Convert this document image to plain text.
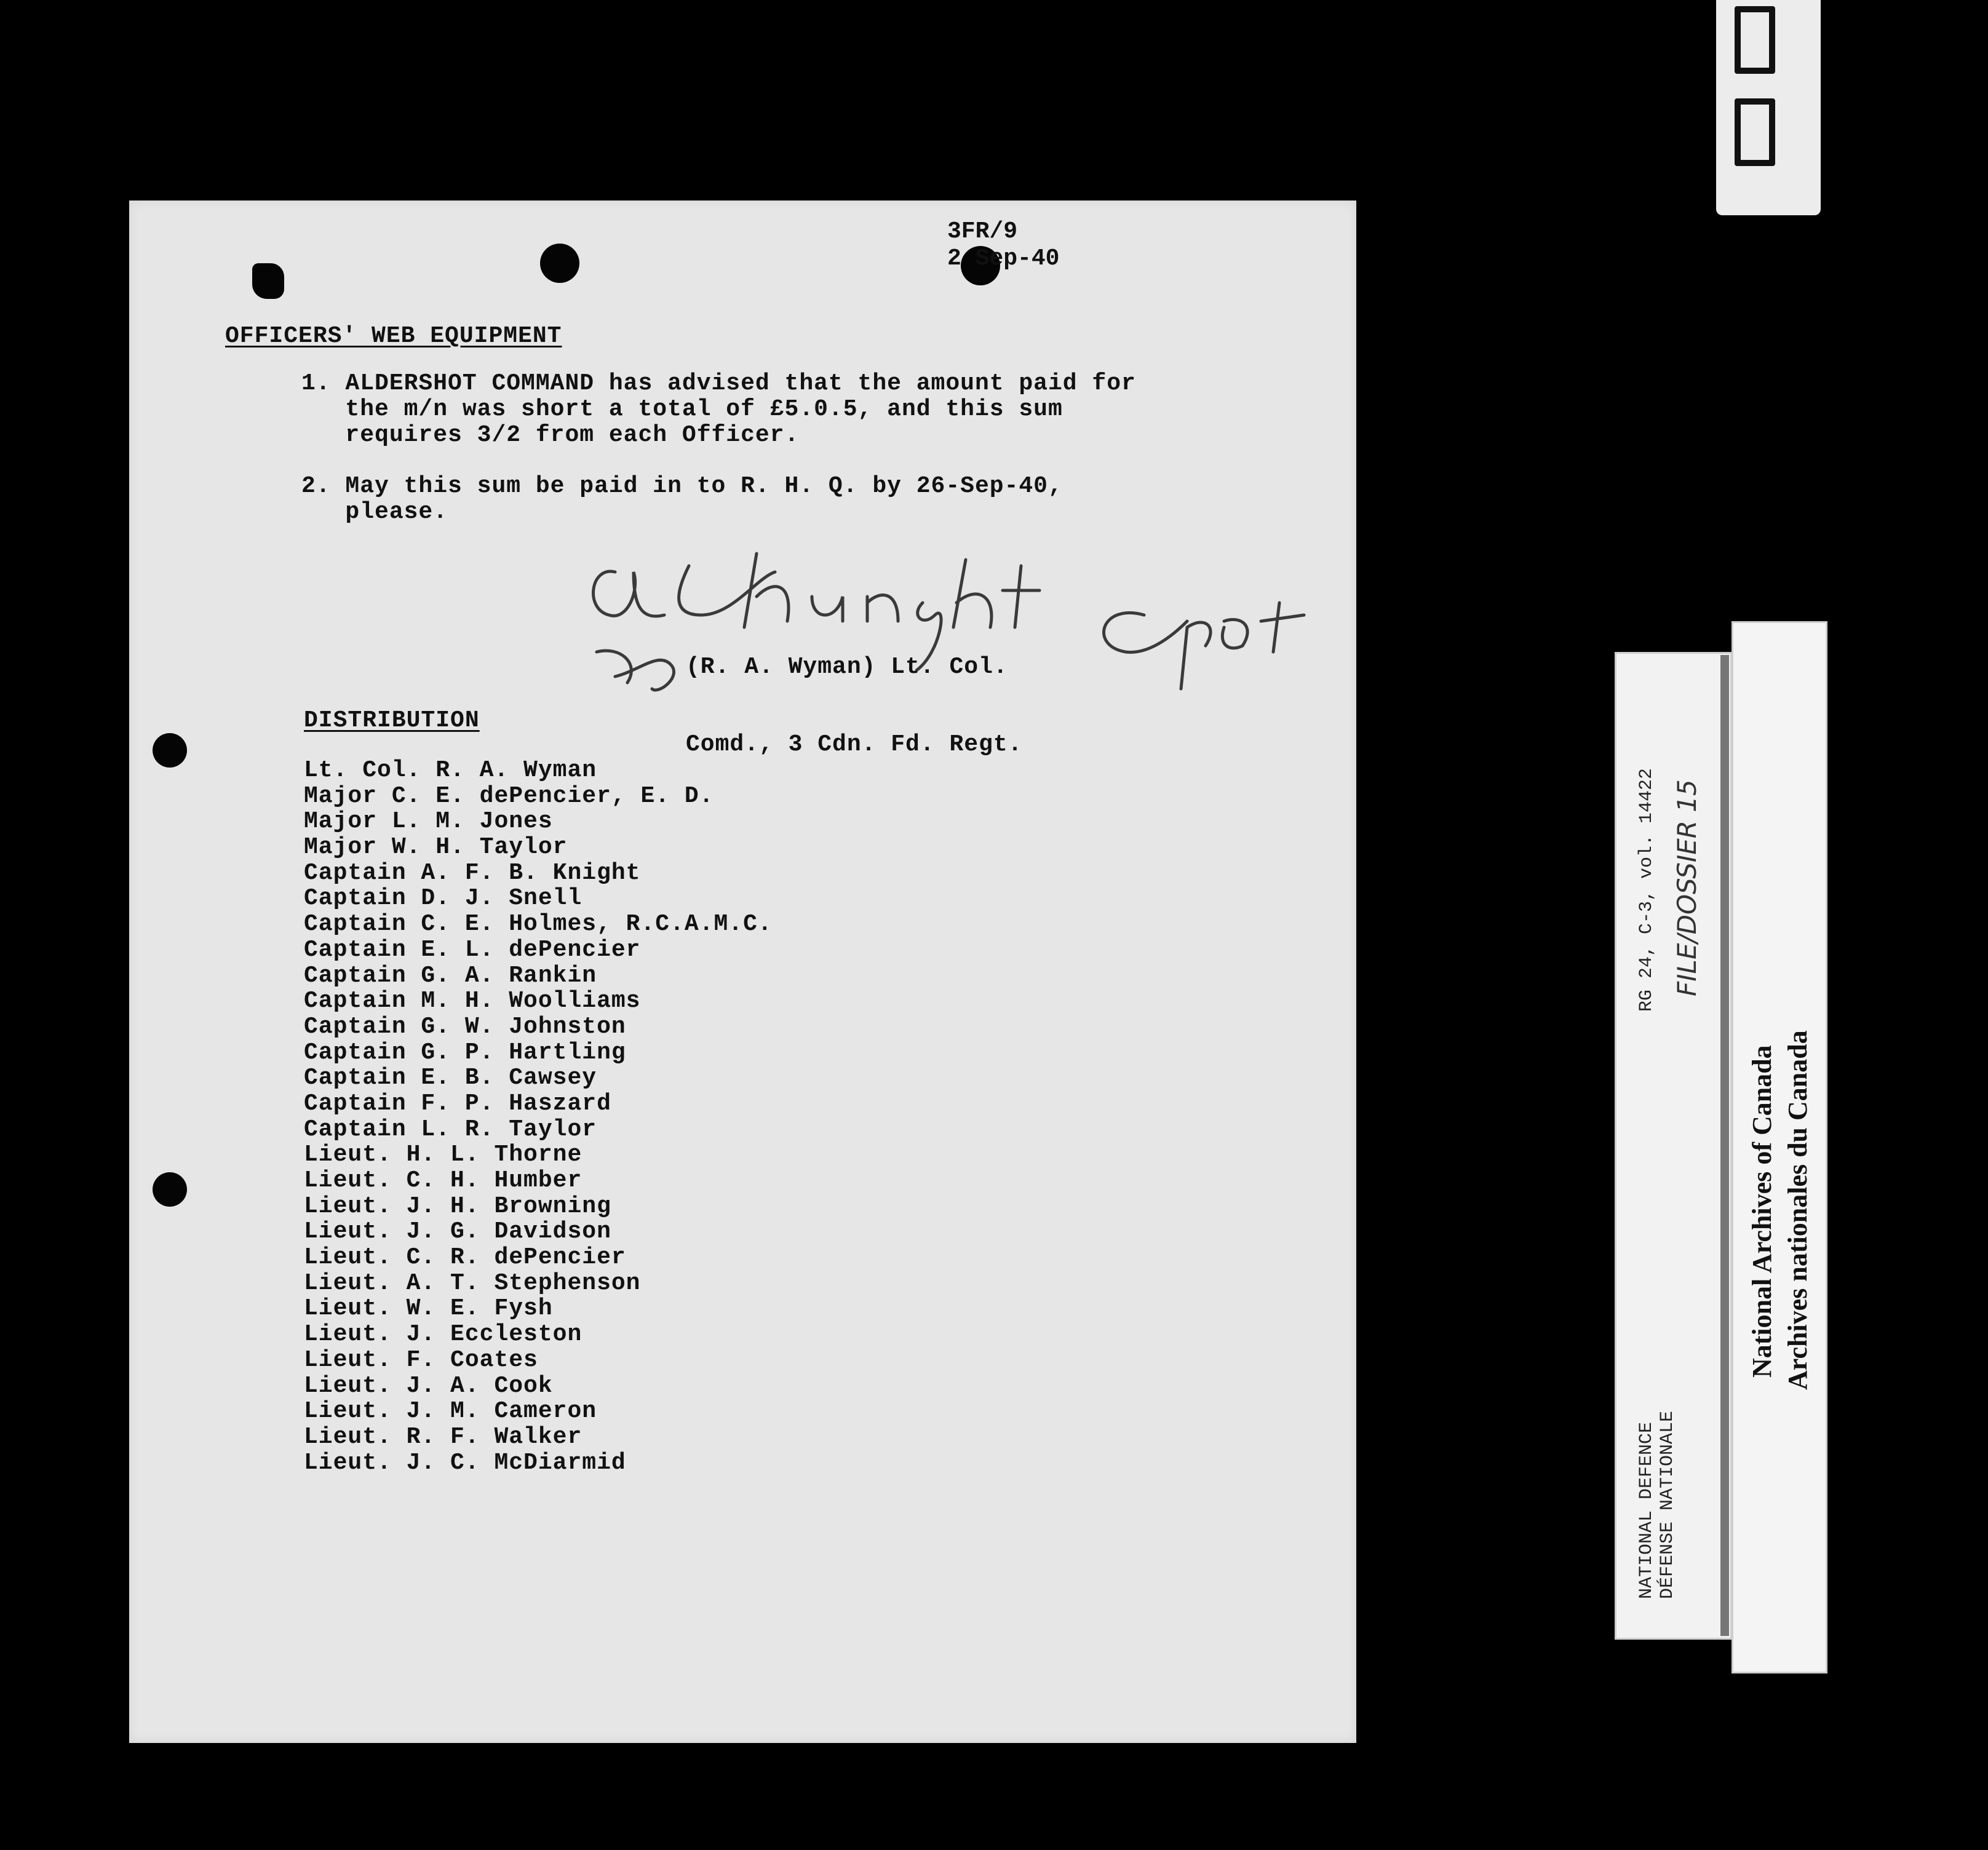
3FR/9
2 Sep-40
OFFICERS' WEB EQUIPMENT
1. ALDERSHOT COMMAND has advised that the amount paid for
the m/n was short a total of £5.0.5, and this sum
requires 3/2 from each Officer.
2. May this sum be paid in to R. H. Q. by 26-Sep-40,
please.

(R. A. Wyman) Lt. Col.

Comd., 3 Cdn. Fd. Regt.

DISTRIBUTION
Lt. Col. R. A. Wyman
Major C. E. dePencier, E. D.
Major L. M. Jones
Major W. H. Taylor
Captain A. F. B. Knight
Captain D. J. Snell
Captain C. E. Holmes, R.C.A.M.C.
Captain E. L. dePencier
Captain G. A. Rankin
Captain M. H. Woolliams
Captain G. W. Johnston
Captain G. P. Hartling
Captain E. B. Cawsey
Captain F. P. Haszard
Captain L. R. Taylor
Lieut. H. L. Thorne
Lieut. C. H. Humber
Lieut. J. H. Browning
Lieut. J. G. Davidson
Lieut. C. R. dePencier
Lieut. A. T. Stephenson
Lieut. W. E. Fysh
Lieut. J. Eccleston
Lieut. F. Coates
Lieut. J. A. Cook
Lieut. J. M. Cameron
Lieut. R. F. Walker
Lieut. J. C. McDiarmid	NATIONAL DEFENCE DÉFENSE NATIONALE
RG 24, C-3, vol. 14422 FILE/DOSSIER 15
National Archives of Canada Archives nationales du Canada
